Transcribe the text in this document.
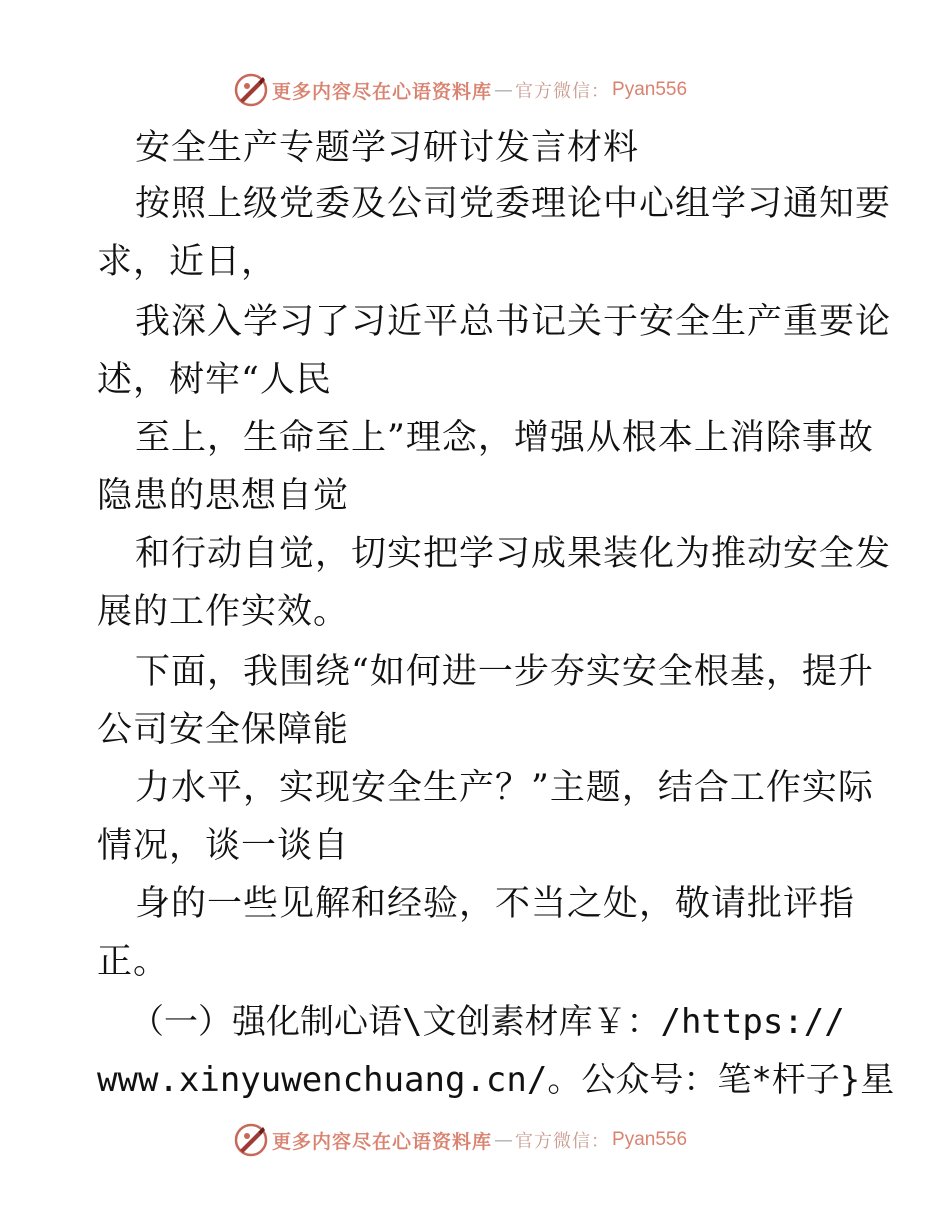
更多内容尽在心语资料库 — 官方微信： Pyan556
安全生产专题学习研讨发言材料
按照上级党委及公司党委理论中心组学习通知要
求，近日，
我深入学习了习近平总书记关于安全生产重要论
述，树牢“人民
至上，生命至上”理念，增强从根本上消除事故
隐患的思想自觉
和行动自觉，切实把学习成果装化为推动安全发
展的工作实效。
下面，我围绕“如何进一步夯实安全根基，提升
公司安全保障能
力水平，实现安全生产？”主题，结合工作实际
情况，谈一谈自
身的一些见解和经验，不当之处，敬请批评指
正。
（一）强化制心语\文创素材库￥：/https://
www.xinyuwenchuang.cn/。公众号：笔*杆子}星
更多内容尽在心语资料库 — 官方微信： Pyan556
